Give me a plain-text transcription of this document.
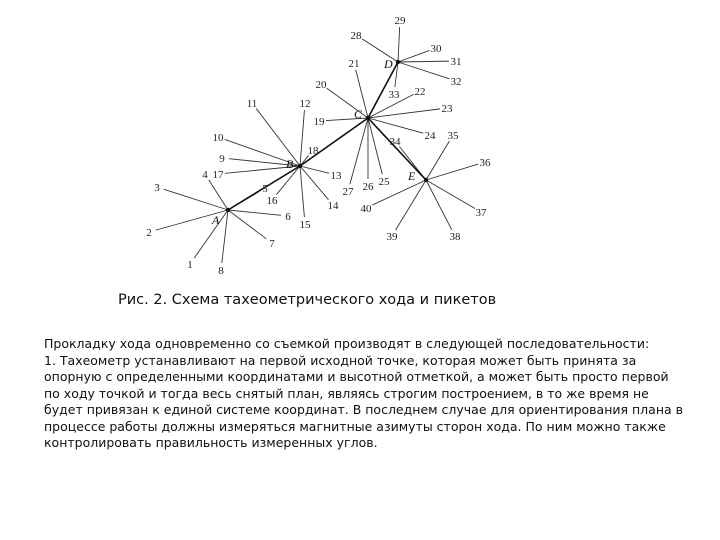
1
2
3
4
5
6
7
8
9
10
11	12
13
14
15
16
17
18
19
20
21
22
23
24
25
26
27
28
29
30
31
32
33
34	35
36
37
38
39
40
A
B
C
D
E
Рис. 2. Схема тахеометрического хода и пикетов

Прокладку хода одновременно со съемкой производят в следующей последовательности:

1. Тахеометр устанавливают на первой исходной точке, которая может быть принята за опорную с определенными координатами и высотной отметкой, а может быть просто первой по ходу точкой и тогда весь снятый план, являясь строгим построением, в то же время не будет привязан к единой системе координат. В последнем случае для ориентирования плана в процессе работы должны измеряться магнитные азимуты сторон хода. По ним можно также контролировать правильность измеренных углов.
